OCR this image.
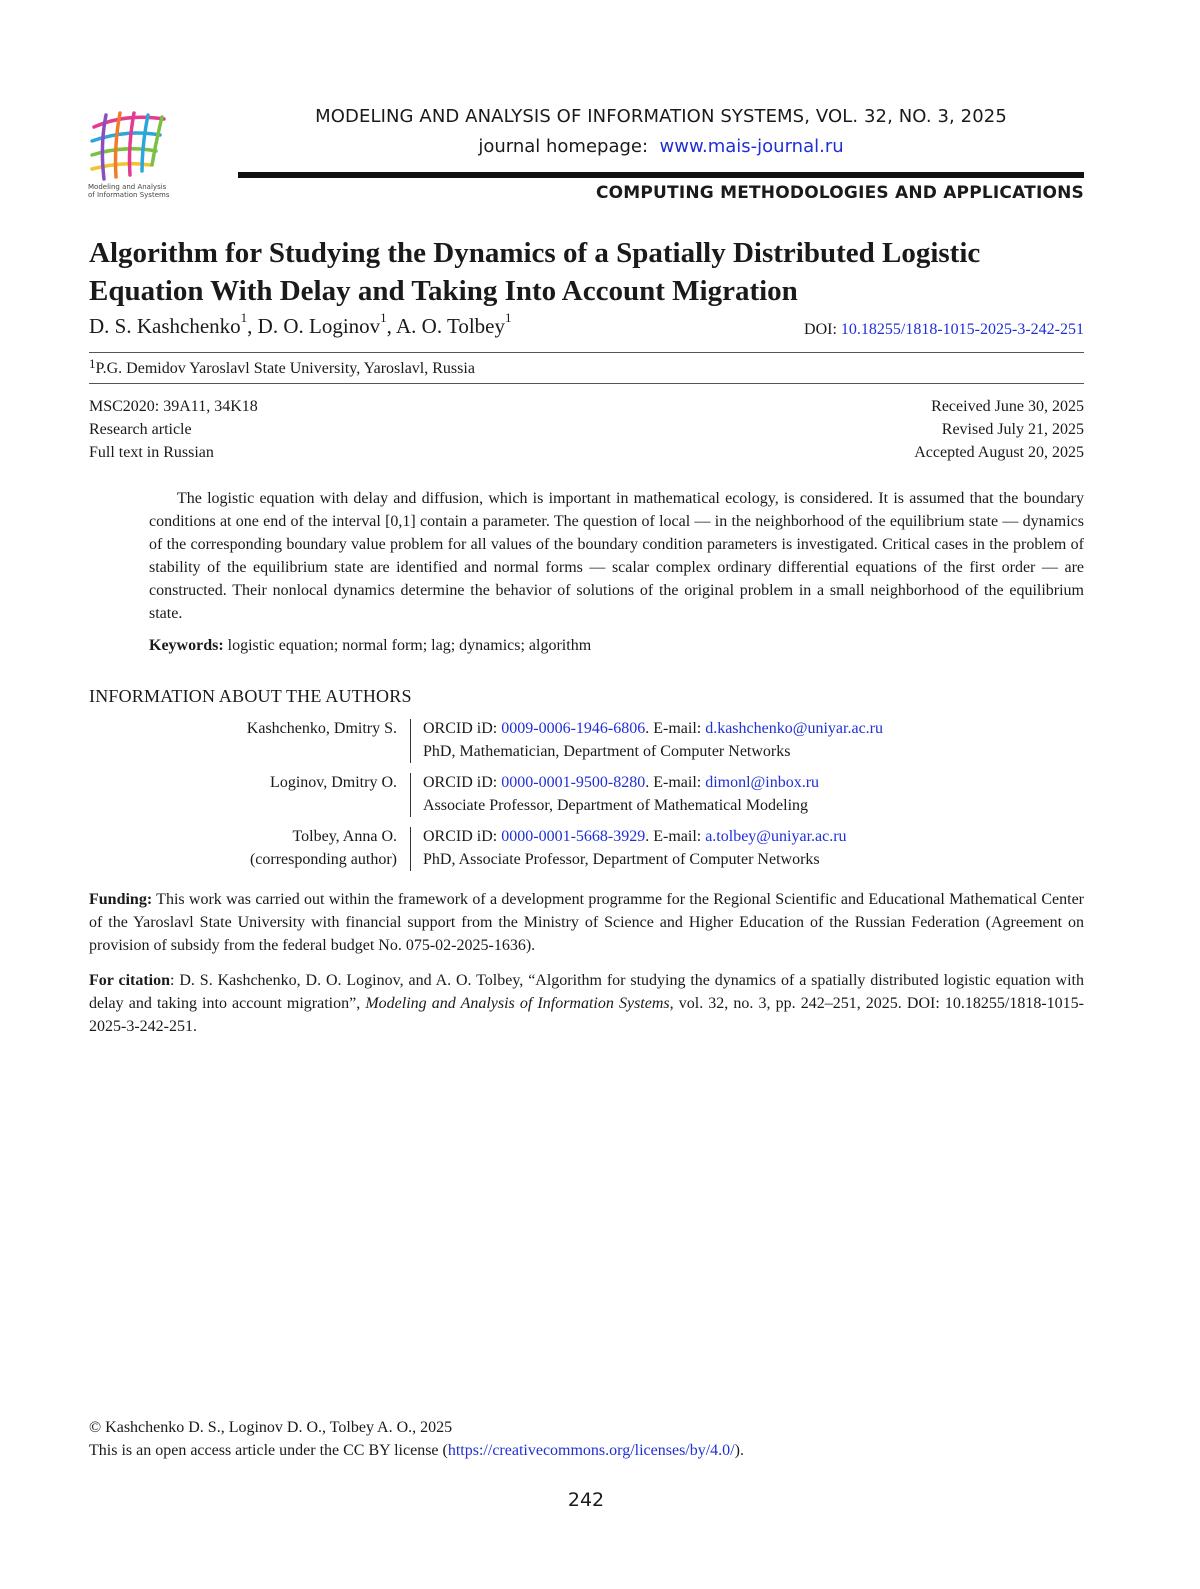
Modeling and Analysis
of Information Systems
MODELING AND ANALYSIS OF INFORMATION SYSTEMS, VOL. 32, NO. 3, 2025
journal homepage: www.mais-journal.ru
COMPUTING METHODOLOGIES AND APPLICATIONS
Algorithm for Studying the Dynamics of a Spatially Distributed Logistic
Equation With Delay and Taking Into Account Migration
D. S. Kashchenko$^1$, D. O. Loginov$^1$, A. O. Tolbey$^1$
DOI: 10.18255/1818-1015-2025-3-242-251
$^1$P.G. Demidov Yaroslavl State University, Yaroslavl, Russia
MSC2020: 39A11, 34K18
Research article
Full text in Russian
Received June 30, 2025
Revised July 21, 2025
Accepted August 20, 2025
The logistic equation with delay and diffusion, which is important in mathematical ecology, is considered. It is assumed that the boundary conditions at one end of the interval [0,1] contain a parameter. The question of local — in the neighborhood of the equilibrium state — dynamics of the corresponding boundary value problem for all values of the boundary condition parameters is investigated. Critical cases in the problem of stability of the equilibrium state are identified and normal forms — scalar complex ordinary differential equations of the first order — are constructed. Their nonlocal dynamics determine the behavior of solutions of the original problem in a small neighborhood of the equilibrium state.
Keywords: logistic equation; normal form; lag; dynamics; algorithm
INFORMATION ABOUT THE AUTHORS
Kashchenko, Dmitry S. ORCID iD: 0009-0006-1946-6806. E-mail: d.kashchenko@uniyar.ac.ru
PhD, Mathematician, Department of Computer Networks
Loginov, Dmitry O. ORCID iD: 0000-0001-9500-8280. E-mail: dimonl@inbox.ru
Associate Professor, Department of Mathematical Modeling
Tolbey, Anna O.
(corresponding author)
ORCID iD: 0000-0001-5668-3929. E-mail: a.tolbey@uniyar.ac.ru
PhD, Associate Professor, Department of Computer Networks
Funding: This work was carried out within the framework of a development programme for the Regional Scientific and Educational Mathematical Center of the Yaroslavl State University with financial support from the Ministry of Science and Higher Education of the Russian Federation (Agreement on provision of subsidy from the federal budget No. 075-02-2025-1636).
For citation: D. S. Kashchenko, D. O. Loginov, and A. O. Tolbey, “Algorithm for studying the dynamics of a spatially distributed logistic equation with delay and taking into account migration”, Modeling and Analysis of Information Systems, vol. 32, no. 3, pp. 242–251, 2025. DOI: 10.18255/1818-1015-2025-3-242-251.
© Kashchenko D. S., Loginov D. O., Tolbey A. O., 2025
This is an open access article under the CC BY license (https://creativecommons.org/licenses/by/4.0/).
242
